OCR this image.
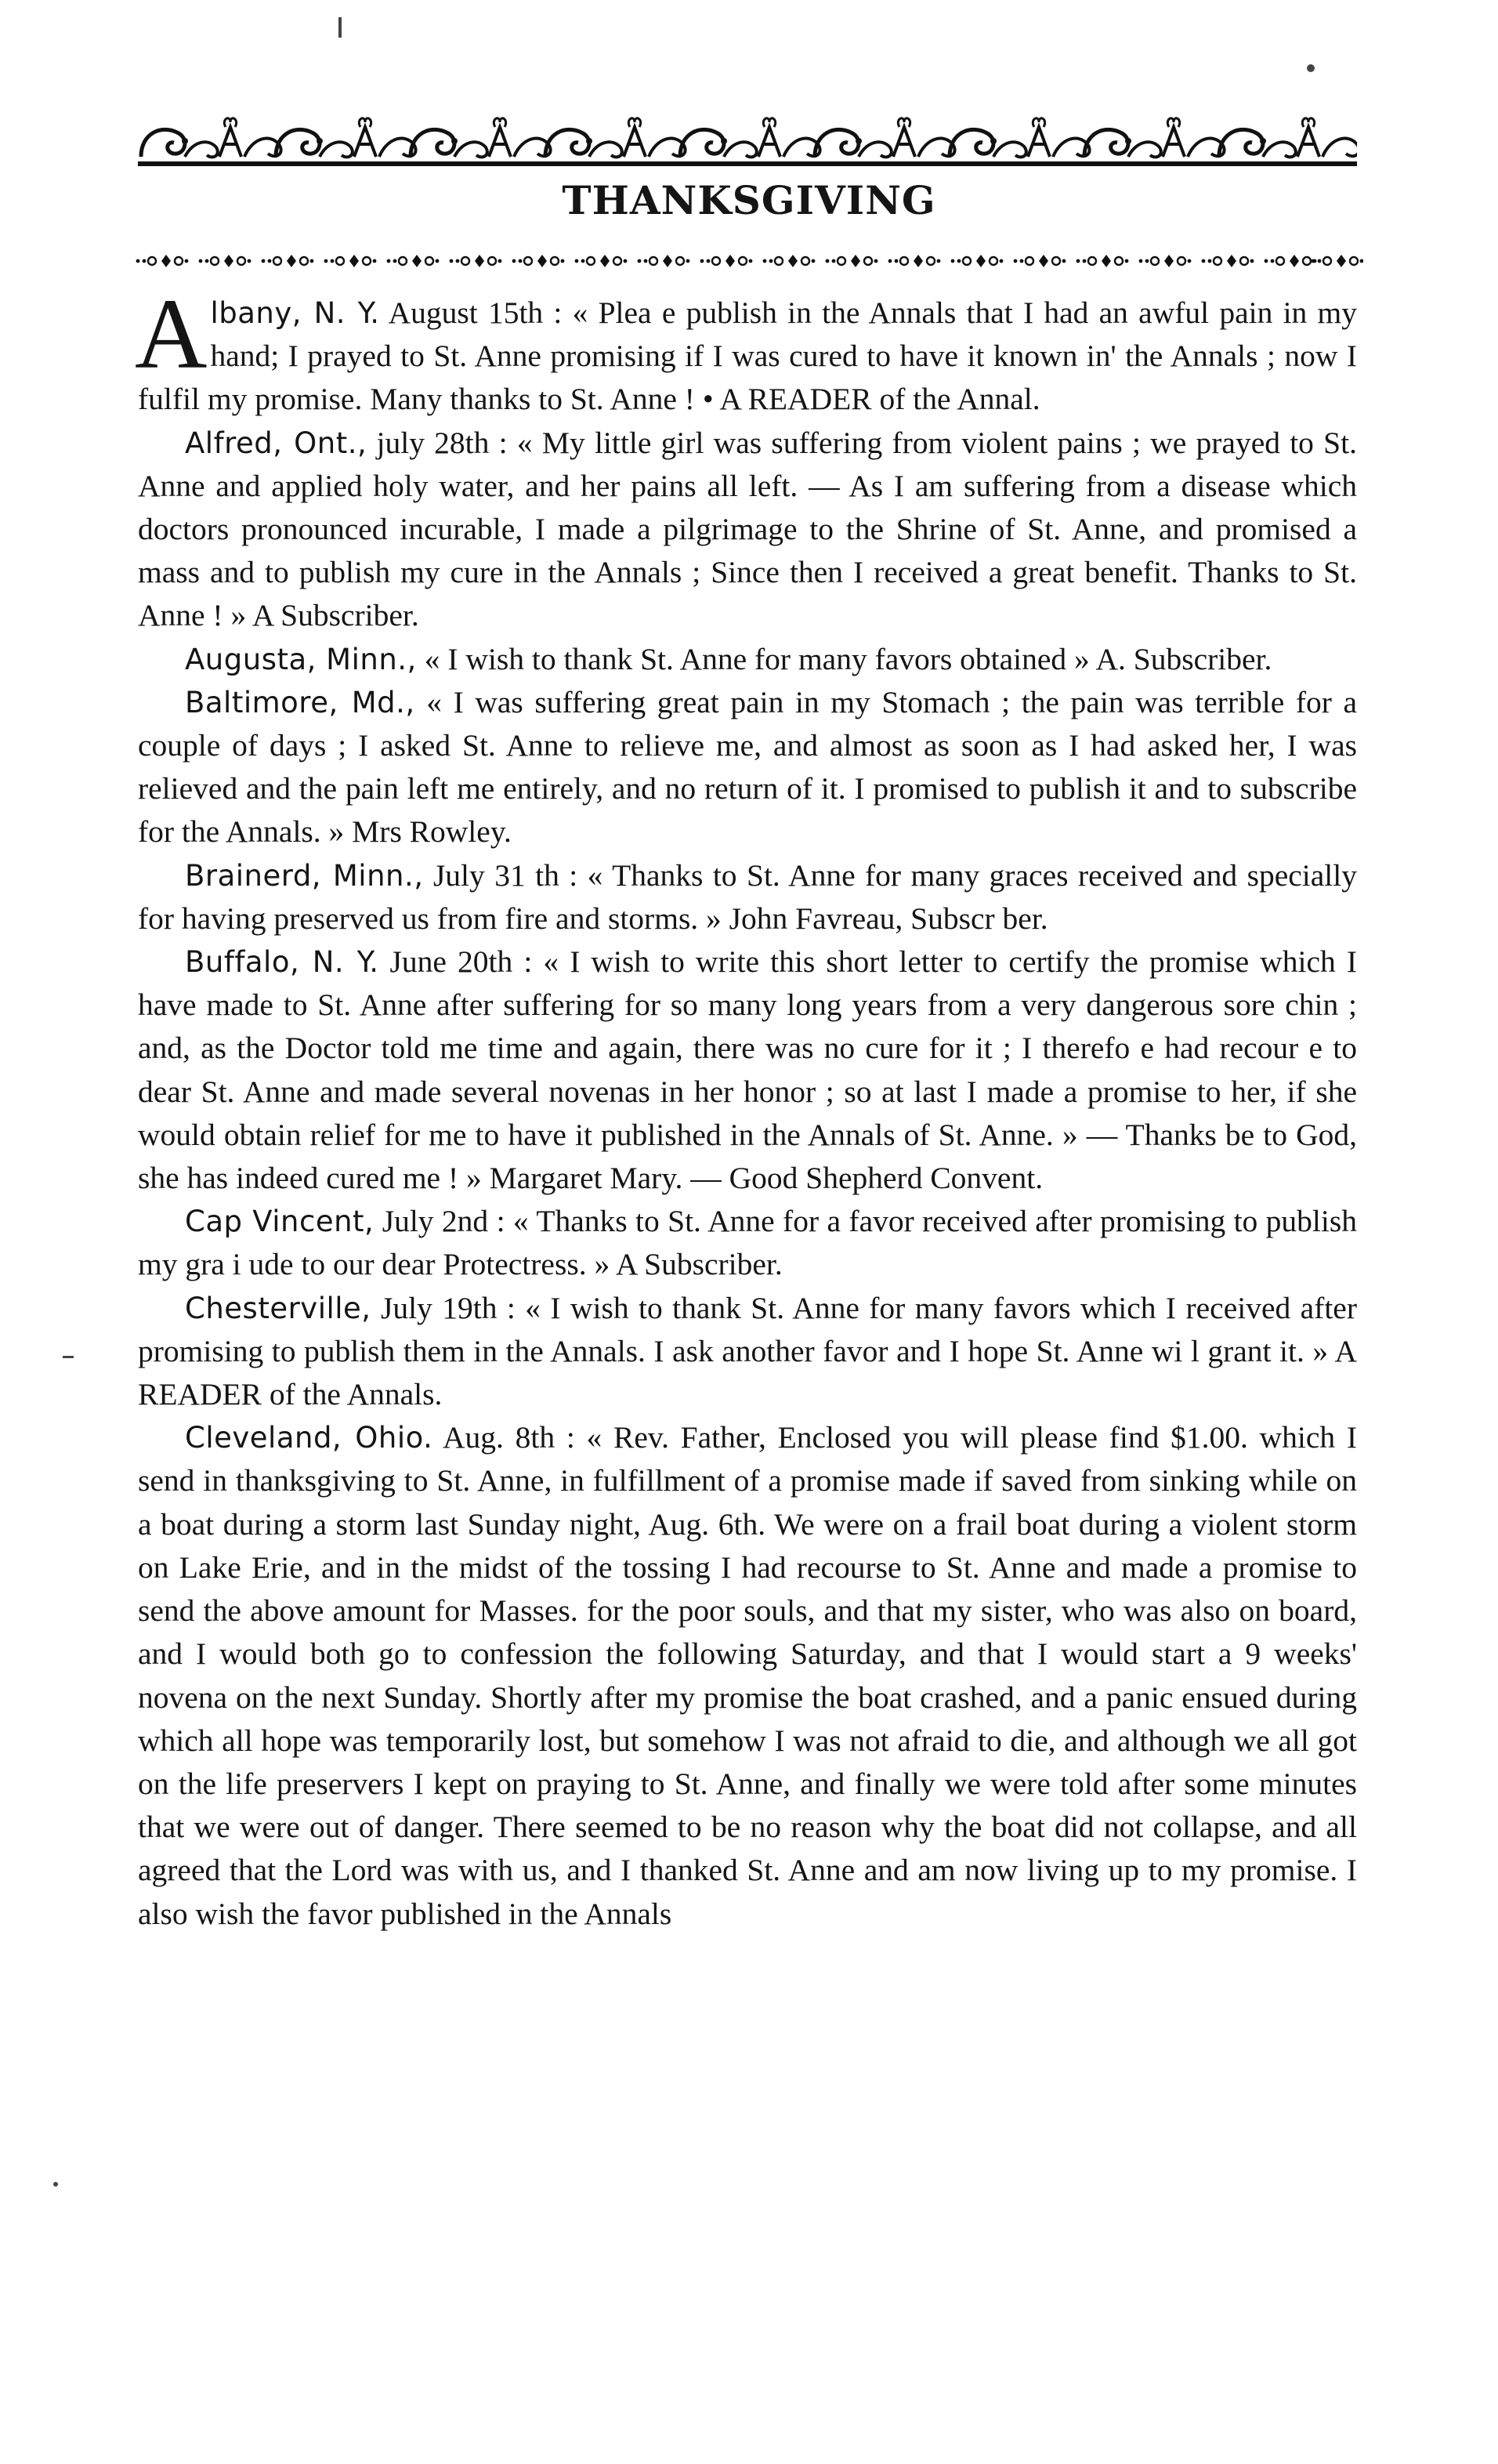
THANKSGIVING

Albany, N. Y. August 15th : « Plea e publish in the Annals that I had an awful pain in my hand; I prayed to St. Anne promising if I was cured to have it known in' the Annals ; now I fulfil my promise. Many thanks to St. Anne ! • A READER of the Annal.

Alfred, Ont., july 28th : « My little girl was suffering from violent pains ; we prayed to St. Anne and applied holy water, and her pains all left. — As I am suffering from a disease which doctors pronounced incurable, I made a pilgrimage to the Shrine of St. Anne, and promised a mass and to publish my cure in the Annals ; Since then I received a great benefit. Thanks to St. Anne ! » A Subscriber.

Augusta, Minn., « I wish to thank St. Anne for many favors obtained » A. Subscriber.

Baltimore, Md., « I was suffering great pain in my Stomach ; the pain was terrible for a couple of days ; I asked St. Anne to relieve me, and almost as soon as I had asked her, I was relieved and the pain left me entirely, and no return of it. I promised to publish it and to subscribe for the Annals. » Mrs Rowley.

Brainerd, Minn., July 31 th : « Thanks to St. Anne for many graces received and specially for having preserved us from fire and storms. » John Favreau, Subscr ber.

Buffalo, N. Y. June 20th : « I wish to write this short letter to certify the promise which I have made to St. Anne after suffering for so many long years from a very dangerous sore chin ; and, as the Doctor told me time and again, there was no cure for it ; I therefo e had recour e to dear St. Anne and made several novenas in her honor ; so at last I made a promise to her, if she would obtain relief for me to have it published in the Annals of St. Anne. » — Thanks be to God, she has indeed cured me ! » Margaret Mary. — Good Shepherd Convent.

Cap Vincent, July 2nd : « Thanks to St. Anne for a favor received after promising to publish my gra i ude to our dear Protectress. » A Subscriber.

Chesterville, July 19th : « I wish to thank St. Anne for many favors which I received after promising to publish them in the Annals. I ask another favor and I hope St. Anne wi l grant it. » A READER of the Annals.

Cleveland, Ohio. Aug. 8th : « Rev. Father, Enclosed you will please find $1.00. which I send in thanksgiving to St. Anne, in fulfillment of a promise made if saved from sinking while on a boat during a storm last Sunday night, Aug. 6th. We were on a frail boat during a violent storm on Lake Erie, and in the midst of the tossing I had recourse to St. Anne and made a promise to send the above amount for Masses. for the poor souls, and that my sister, who was also on board, and I would both go to confession the following Saturday, and that I would start a 9 weeks' novena on the next Sunday. Shortly after my promise the boat crashed, and a panic ensued during which all hope was temporarily lost, but somehow I was not afraid to die, and although we all got on the life preservers I kept on praying to St. Anne, and finally we were told after some minutes that we were out of danger. There seemed to be no reason why the boat did not collapse, and all agreed that the Lord was with us, and I thanked St. Anne and am now living up to my promise. I also wish the favor published in the Annals
